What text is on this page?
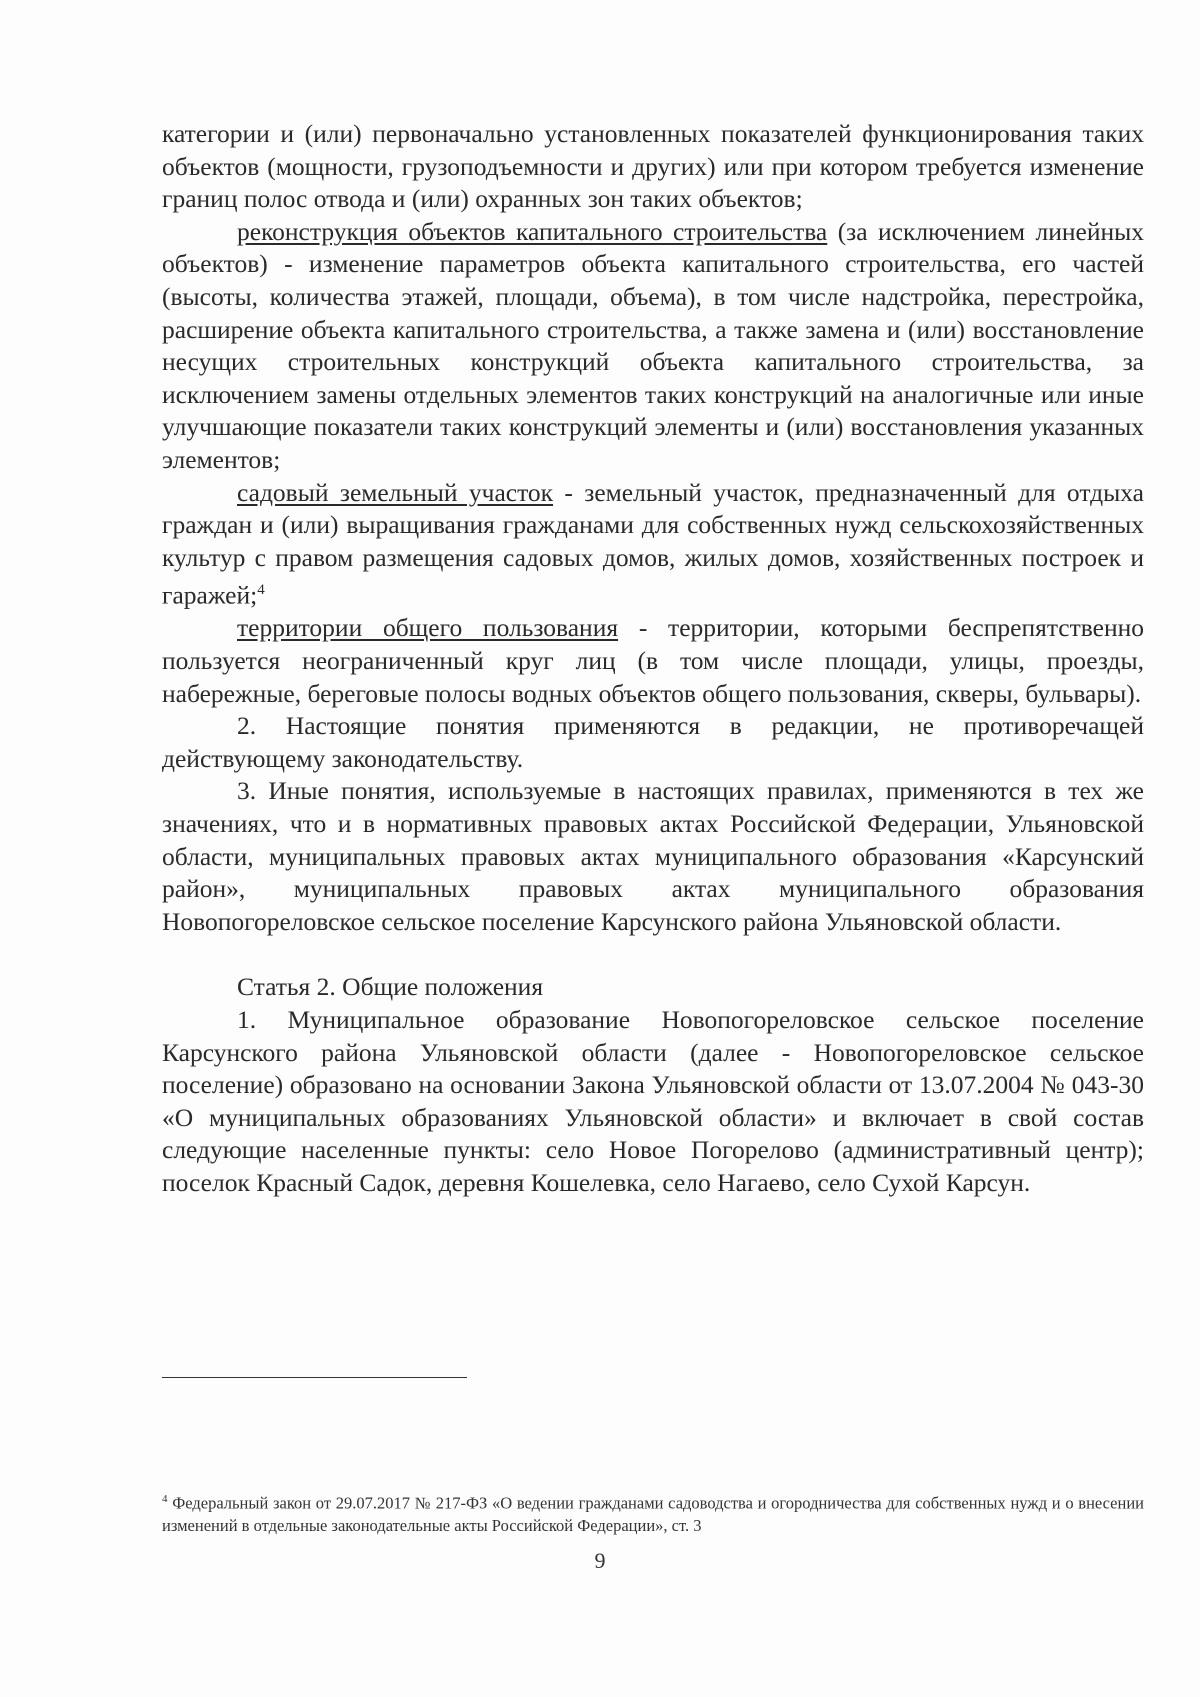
категории и (или) первоначально установленных показателей функционирования таких объектов (мощности, грузоподъемности и других) или при котором требуется изменение границ полос отвода и (или) охранных зон таких объектов;

реконструкция объектов капитального строительства (за исключением линейных объектов) - изменение параметров объекта капитального строительства, его частей (высоты, количества этажей, площади, объема), в том числе надстройка, перестройка, расширение объекта капитального строительства, а также замена и (или) восстановление несущих строительных конструкций объекта капитального строительства, за исключением замены отдельных элементов таких конструкций на аналогичные или иные улучшающие показатели таких конструкций элементы и (или) восстановления указанных элементов;

садовый земельный участок - земельный участок, предназначенный для отдыха граждан и (или) выращивания гражданами для собственных нужд сельскохозяйственных культур с правом размещения садовых домов, жилых домов, хозяйственных построек и гаражей;$^4$

территории общего пользования - территории, которыми беспрепятственно пользуется неограниченный круг лиц (в том числе площади, улицы, проезды, набережные, береговые полосы водных объектов общего пользования, скверы, бульвары).

2. Настоящие понятия применяются в редакции, не противоречащей действующему законодательству.

3. Иные понятия, используемые в настоящих правилах, применяются в тех же значениях, что и в нормативных правовых актах Российской Федерации, Ульяновской области, муниципальных правовых актах муниципального образования «Карсунский район», муниципальных правовых актах муниципального образования Новопогореловское сельское поселение Карсунского района Ульяновской области.

Статья 2. Общие положения

1. Муниципальное образование Новопогореловское сельское поселение Карсунского района Ульяновской области (далее - Новопогореловское сельское поселение) образовано на основании Закона Ульяновской области от 13.07.2004 № 043-30 «О муниципальных образованиях Ульяновской области» и включает в свой состав следующие населенные пункты: село Новое Погорелово (административный центр); поселок Красный Садок, деревня Кошелевка, село Нагаево, село Сухой Карсун.

$^4$ Федеральный закон от 29.07.2017 № 217-ФЗ «О ведении гражданами садоводства и огородничества для собственных нужд и о внесении изменений в отдельные законодательные акты Российской Федерации», ст. 3
9
